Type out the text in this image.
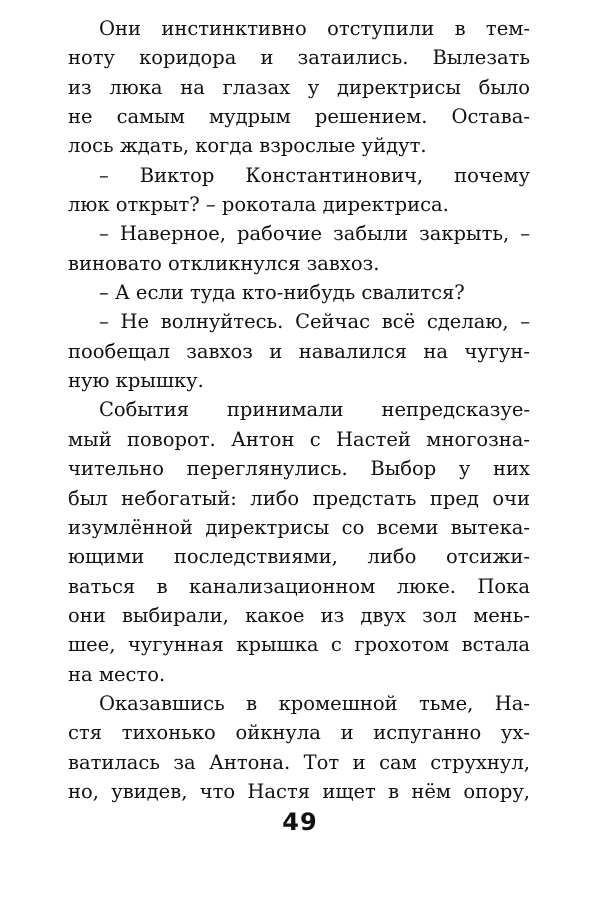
Они инстинктивно отступили в тем-
ноту коридора и затаились. Вылезать
из люка на глазах у директрисы было
не самым мудрым решением. Остава-
лось ждать, когда взрослые уйдут.
– Виктор Константинович, почему
люк открыт? – рокотала директриса.
– Наверное, рабочие забыли закрыть, –
виновато откликнулся завхоз.
– А если туда кто-нибудь свалится?
– Не волнуйтесь. Сейчас всё сделаю, –
пообещал завхоз и навалился на чугун-
ную крышку.
События принимали непредсказуе-
мый поворот. Антон с Настей многозна-
чительно переглянулись. Выбор у них
был небогатый: либо предстать пред очи
изумлённой директрисы со всеми вытека-
ющими последствиями, либо отсижи-
ваться в канализационном люке. Пока
они выбирали, какое из двух зол мень-
шее, чугунная крышка с грохотом встала
на место.
Оказавшись в кромешной тьме, На-
стя тихонько ойкнула и испуганно ух-
ватилась за Антона. Тот и сам струхнул,
но, увидев, что Настя ищет в нём опору,
49
